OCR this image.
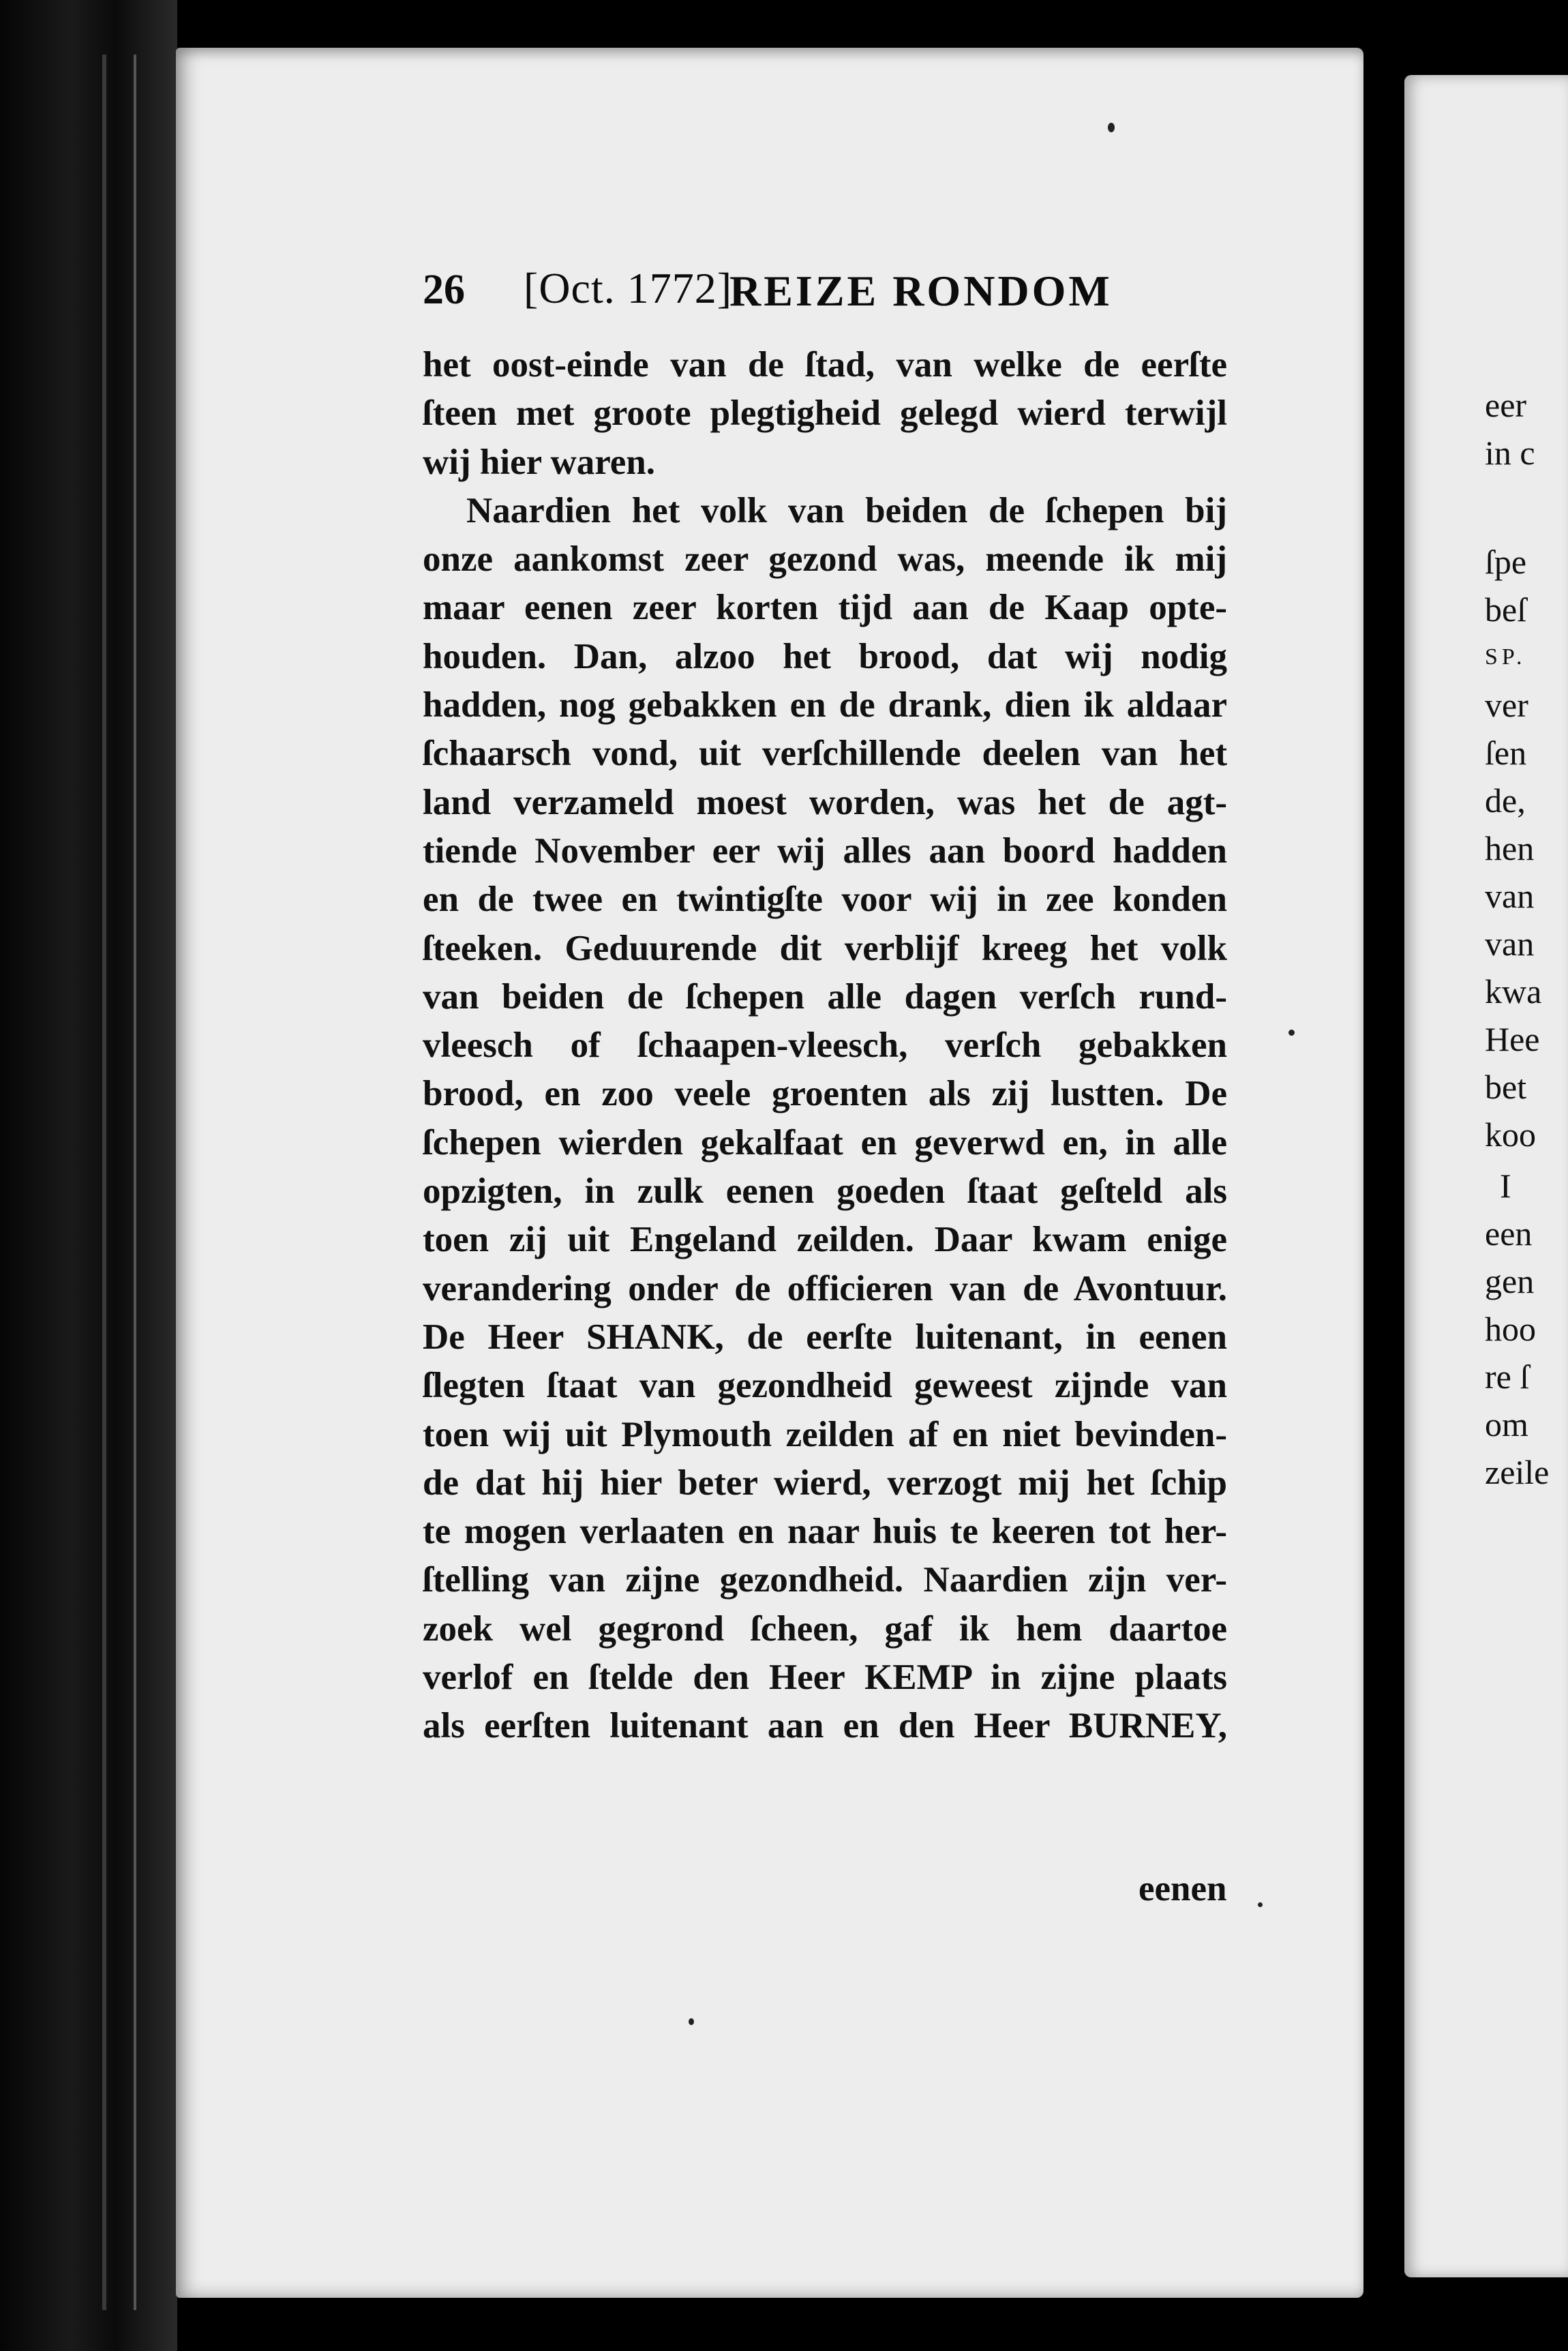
eer
in c
ſpe
beſ
SP.
ver
ſen
de,
hen
van
van
kwa
Hee
bet
koo
I
een
gen
hoo
re ſ
om
zeile
26 [Oct. 1772]
REIZE RONDOM
het oost-einde van de ſtad, van welke de eerſte
ſteen met groote plegtigheid gelegd wierd terwijl
wij hier waren.
Naardien het volk van beiden de ſchepen bij
onze aankomst zeer gezond was, meende ik mij
maar eenen zeer korten tijd aan de Kaap opte-
houden. Dan, alzoo het brood, dat wij nodig
hadden, nog gebakken en de drank, dien ik aldaar
ſchaarsch vond, uit verſchillende deelen van het
land verzameld moest worden, was het de agt-
tiende November eer wij alles aan boord hadden
en de twee en twintigſte voor wij in zee konden
ſteeken. Geduurende dit verblijf kreeg het volk
van beiden de ſchepen alle dagen verſch rund-
vleesch of ſchaapen-vleesch, verſch gebakken
brood, en zoo veele groenten als zij lustten. De
ſchepen wierden gekalfaat en geverwd en, in alle
opzigten, in zulk eenen goeden ſtaat geſteld als
toen zij uit Engeland zeilden. Daar kwam enige
verandering onder de officieren van de Avontuur.
De Heer SHANK, de eerſte luitenant, in eenen
ſlegten ſtaat van gezondheid geweest zijnde van
toen wij uit Plymouth zeilden af en niet bevinden-
de dat hij hier beter wierd, verzogt mij het ſchip
te mogen verlaaten en naar huis te keeren tot her-
ſtelling van zijne gezondheid. Naardien zijn ver-
zoek wel gegrond ſcheen, gaf ik hem daartoe
verlof en ſtelde den Heer KEMP in zijne plaats
als eerſten luitenant aan en den Heer BURNEY,
eenen
